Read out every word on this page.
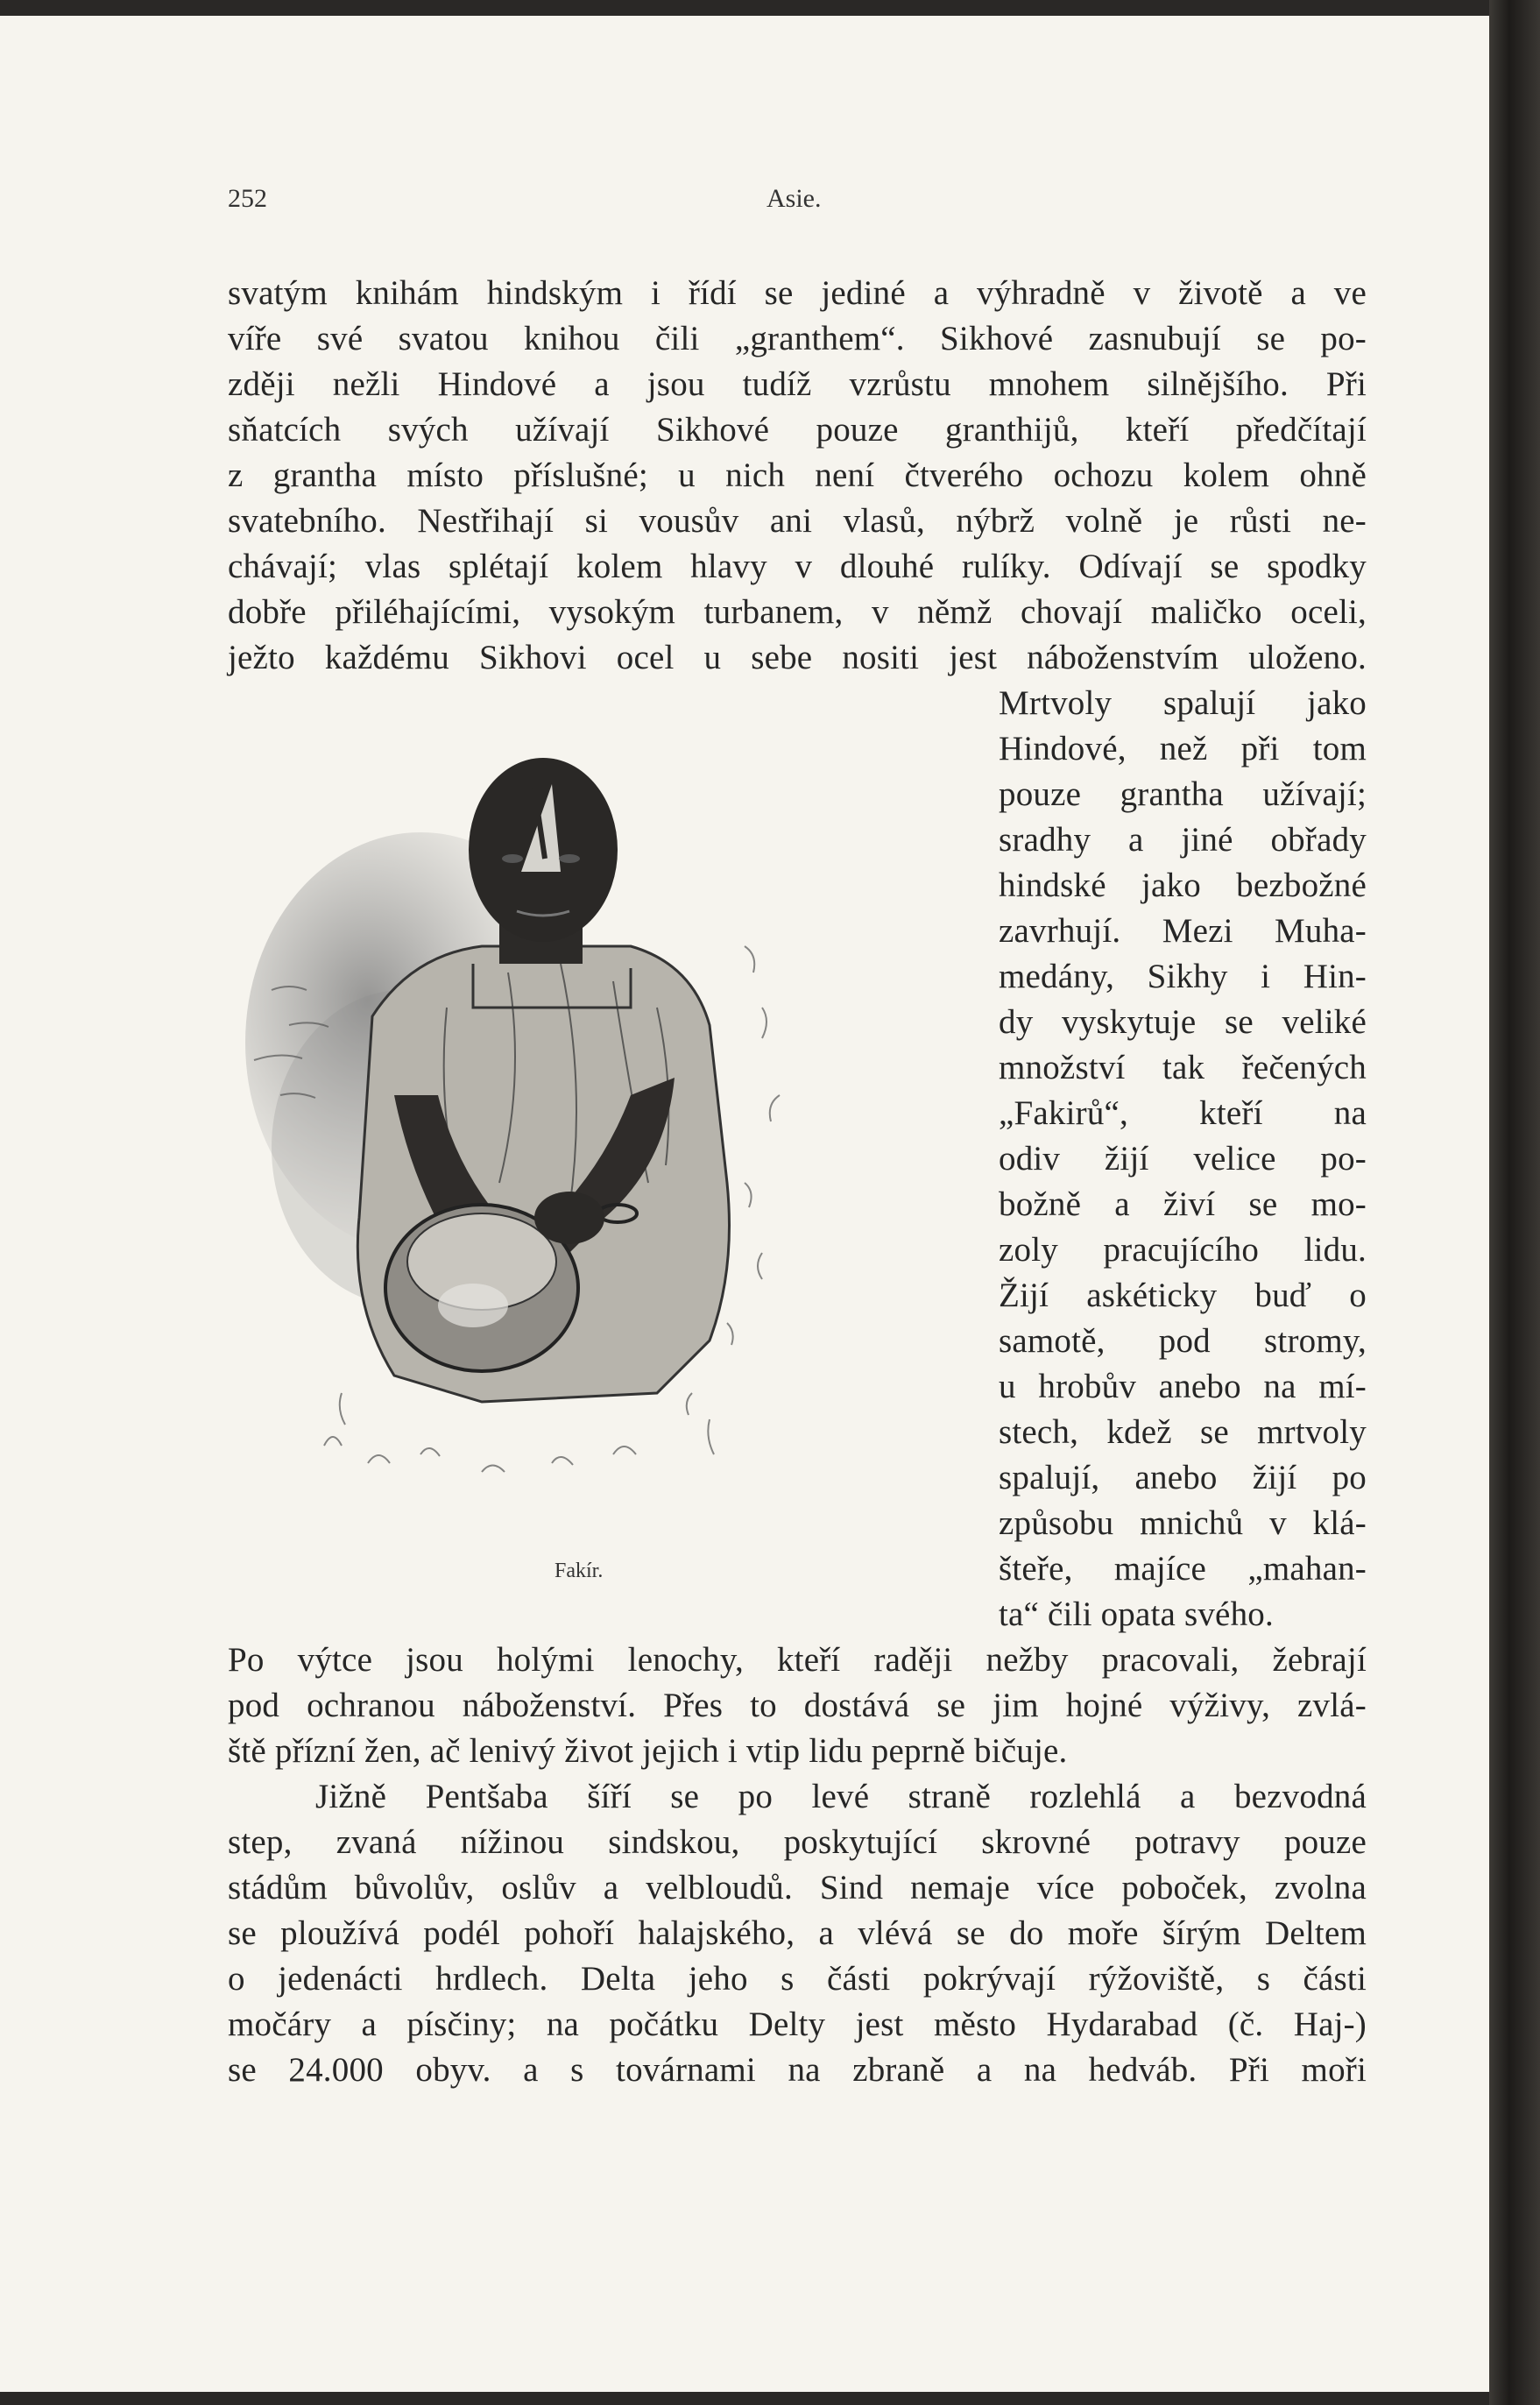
252	Asie.
svatým knihám hindským i řídí se jediné a výhradně v životě a ve
víře své svatou knihou čili „granthem“. Sikhové zasnubují se po-
zději nežli Hindové a jsou tudíž vzrůstu mnohem silnějšího. Při
sňatcích svých užívají Sikhové pouze granthijů, kteří předčítají
z grantha místo příslušné; u nich není čtverého ochozu kolem ohně
svatebního. Nestřihají si vousův ani vlasů, nýbrž volně je růsti ne-
chávají; vlas splétají kolem hlavy v dlouhé rulíky. Odívají se spodky
dobře přiléhajícími, vysokým turbanem, v němž chovají maličko oceli,
ježto každému Sikhovi ocel u sebe nositi jest náboženstvím uloženo.
Mrtvoly spalují jako
Hindové, než při tom
pouze grantha užívají;
sradhy a jiné obřady
hindské jako bezbožné
zavrhují. Mezi Muha-
medány, Sikhy i Hin-
dy vyskytuje se veliké
množství tak řečených
„Fakirů“, kteří na
odiv žijí velice po-
božně a živí se mo-
zoly pracujícího lidu.
Žijí askéticky buď o
samotě, pod stromy,
u hrobův anebo na mí-
stech, kdež se mrtvoly
spalují, anebo žijí po
způsobu mnichů v klá-
šteře, majíce „mahan-
ta“ čili opata svého.
Po výtce jsou holými lenochy, kteří raději nežby pracovali, žebrají
pod ochranou náboženství. Přes to dostává se jim hojné výživy, zvlá-
ště přízní žen, ač lenivý život jejich i vtip lidu peprně bičuje.
Jižně Pentšaba šíří se po levé straně rozlehlá a bezvodná
step, zvaná nížinou sindskou, poskytující skrovné potravy pouze
stádům bůvolův, oslův a velbloudů. Sind nemaje více poboček, zvolna
se ploužívá podél pohoří halajského, a vlévá se do moře šírým Deltem
o jedenácti hrdlech. Delta jeho s části pokrývají rýžoviště, s části
močáry a písčiny; na počátku Delty jest město Hydarabad (č. Haj-)
se 24.000 obyv. a s továrnami na zbraně a na hedváb. Při moři
Fakír.
